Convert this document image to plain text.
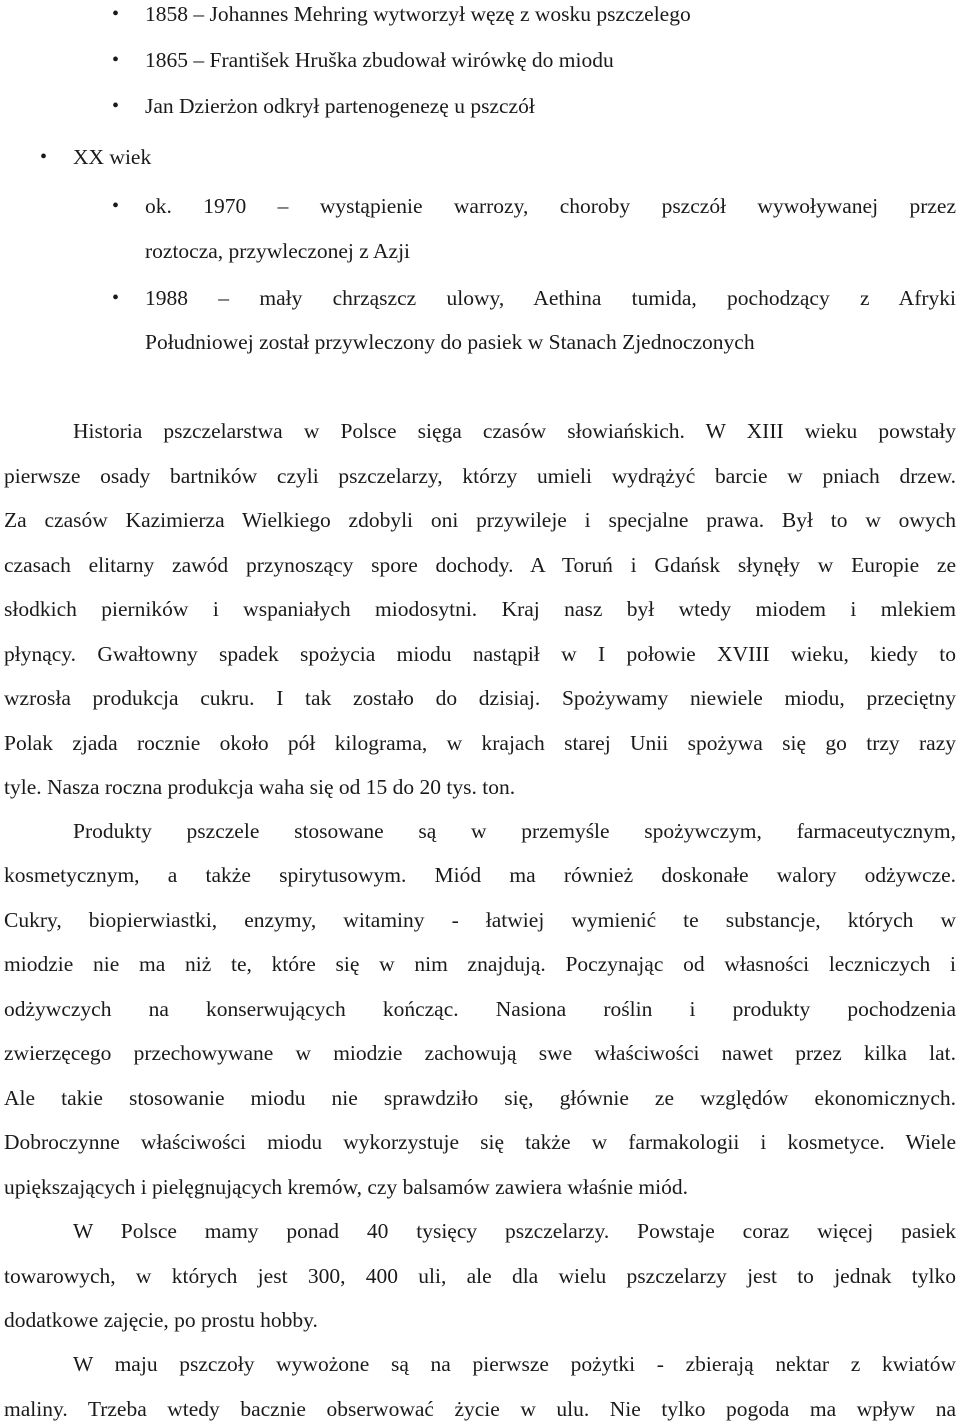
• 1858 – Johannes Mehring wytworzył węzę z wosku pszczelego
• 1865 – František Hruška zbudował wirówkę do miodu
• Jan Dzierżon odkrył partenogenezę u pszczół
• XX wiek
• ok. 1970 – wystąpienie warrozy, choroby pszczół wywoływanej przez
roztocza, przywleczonej z Azji
• 1988 – mały chrząszcz ulowy, Aethina tumida, pochodzący z Afryki
Południowej został przywleczony do pasiek w Stanach Zjednoczonych
Historia pszczelarstwa w Polsce sięga czasów słowiańskich. W XIII wieku powstały
pierwsze osady bartników czyli pszczelarzy, którzy umieli wydrążyć barcie w pniach drzew.
Za czasów Kazimierza Wielkiego zdobyli oni przywileje i specjalne prawa. Był to w owych
czasach elitarny zawód przynoszący spore dochody. A Toruń i Gdańsk słynęły w Europie ze
słodkich pierników i wspaniałych miodosytni. Kraj nasz był wtedy miodem i mlekiem
płynący. Gwałtowny spadek spożycia miodu nastąpił w I połowie XVIII wieku, kiedy to
wzrosła produkcja cukru. I tak zostało do dzisiaj. Spożywamy niewiele miodu, przeciętny
Polak zjada rocznie około pół kilograma, w krajach starej Unii spożywa się go trzy razy
tyle. Nasza roczna produkcja waha się od 15 do 20 tys. ton.
Produkty pszczele stosowane są w przemyśle spożywczym, farmaceutycznym,
kosmetycznym, a także spirytusowym. Miód ma również doskonałe walory odżywcze.
Cukry, biopierwiastki, enzymy, witaminy - łatwiej wymienić te substancje, których w
miodzie nie ma niż te, które się w nim znajdują. Poczynając od własności leczniczych i
odżywczych na konserwujących kończąc. Nasiona roślin i produkty pochodzenia
zwierzęcego przechowywane w miodzie zachowują swe właściwości nawet przez kilka lat.
Ale takie stosowanie miodu nie sprawdziło się, głównie ze względów ekonomicznych.
Dobroczynne właściwości miodu wykorzystuje się także w farmakologii i kosmetyce. Wiele
upiększających i pielęgnujących kremów, czy balsamów zawiera właśnie miód.
W Polsce mamy ponad 40 tysięcy pszczelarzy. Powstaje coraz więcej pasiek
towarowych, w których jest 300, 400 uli, ale dla wielu pszczelarzy jest to jednak tylko
dodatkowe zajęcie, po prostu hobby.
W maju pszczoły wywożone są na pierwsze pożytki - zbierają nektar z kwiatów
maliny. Trzeba wtedy bacznie obserwować życie w ulu. Nie tylko pogoda ma wpływ na
